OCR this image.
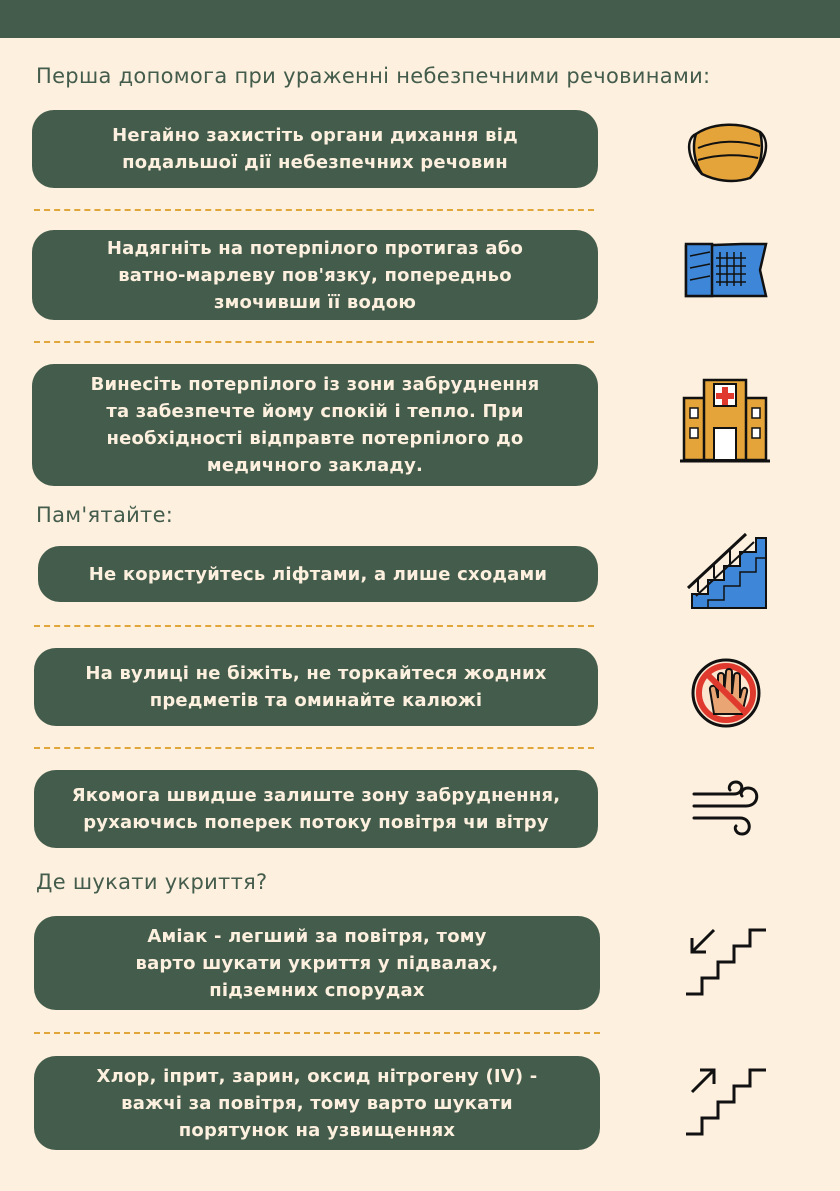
Перша допомога при ураженні небезпечними речовинами:
Негайно захистіть органи дихання від
подальшої дії небезпечних речовин
Надягніть на потерпілого протигаз або
ватно-марлеву пов'язку, попередньо
змочивши її водою
Винесіть потерпілого із зони забруднення
та забезпечте йому спокій і тепло. При
необхідності відправте потерпілого до
медичного закладу.
Пам'ятайте:
Не користуйтесь ліфтами, а лише сходами
На вулиці не біжіть, не торкайтеся жодних
предметів та оминайте калюжі
Якомога швидше залиште зону забруднення,
рухаючись поперек потоку повітря чи вітру
Де шукати укриття?
Аміак - легший за повітря, тому
варто шукати укриття у підвалах,
підземних спорудах
Хлор, іприт, зарин, оксид нітрогену (IV) -
важчі за повітря, тому варто шукати
порятунок на узвищеннях
